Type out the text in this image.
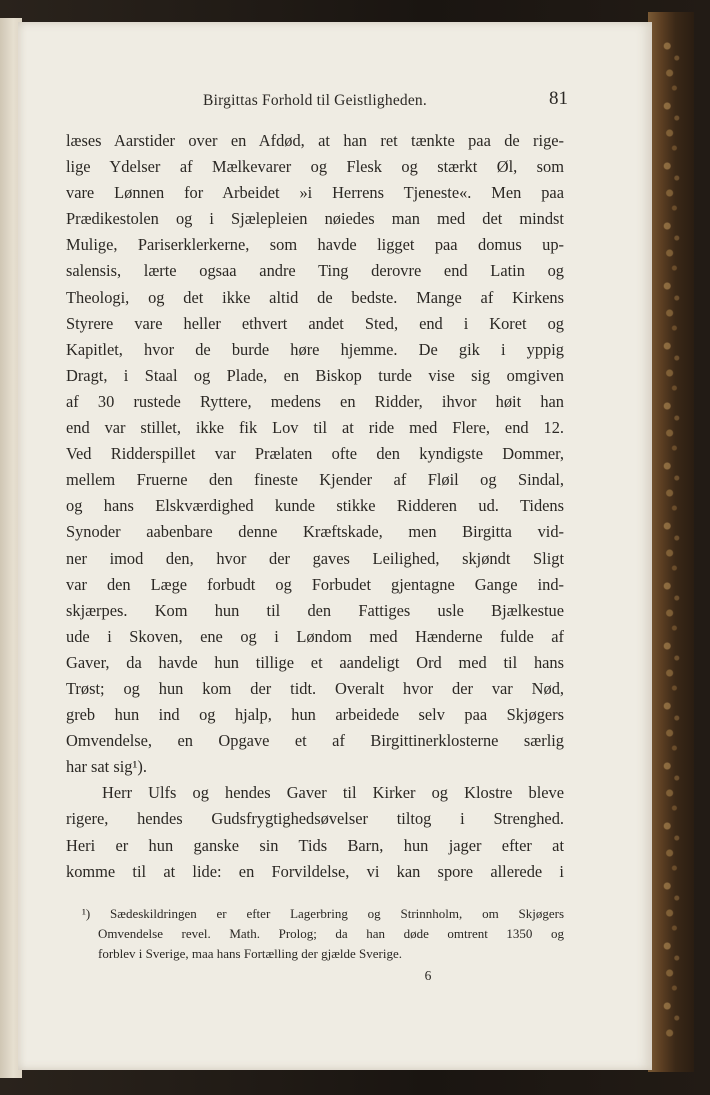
Birgittas Forhold til Geistligheden.	81
læses Aarstider over en Afdød, at han ret tænkte paa de rige-
lige Ydelser af Mælkevarer og Flesk og stærkt Øl, som
vare Lønnen for Arbeidet »i Herrens Tjeneste«. Men paa
Prædikestolen og i Sjælepleien nøiedes man med det mindst
Mulige, Pariserklerkerne, som havde ligget paa domus up-
salensis, lærte ogsaa andre Ting derovre end Latin og
Theologi, og det ikke altid de bedste. Mange af Kirkens
Styrere vare heller ethvert andet Sted, end i Koret og
Kapitlet, hvor de burde høre hjemme. De gik i yppig
Dragt, i Staal og Plade, en Biskop turde vise sig omgiven
af 30 rustede Ryttere, medens en Ridder, ihvor høit han
end var stillet, ikke fik Lov til at ride med Flere, end 12.
Ved Ridderspillet var Prælaten ofte den kyndigste Dommer,
mellem Fruerne den fineste Kjender af Fløil og Sindal,
og hans Elskværdighed kunde stikke Ridderen ud. Tidens
Synoder aabenbare denne Kræftskade, men Birgitta vid-
ner imod den, hvor der gaves Leilighed, skjøndt Sligt
var den Læge forbudt og Forbudet gjentagne Gange ind-
skjærpes. Kom hun til den Fattiges usle Bjælkestue
ude i Skoven, ene og i Løndom med Hænderne fulde af
Gaver, da havde hun tillige et aandeligt Ord med til hans
Trøst; og hun kom der tidt. Overalt hvor der var Nød,
greb hun ind og hjalp, hun arbeidede selv paa Skjøgers
Omvendelse, en Opgave et af Birgittinerklosterne særlig
har sat sig¹).
Herr Ulfs og hendes Gaver til Kirker og Klostre bleve
rigere, hendes Gudsfrygtighedsøvelser tiltog i Strenghed.
Heri er hun ganske sin Tids Barn, hun jager efter at
komme til at lide: en Forvildelse, vi kan spore allerede i
¹) Sædeskildringen er efter Lagerbring og Strinnholm, om Skjøgers
Omvendelse revel. Math. Prolog; da han døde omtrent 1350 og
forblev i Sverige, maa hans Fortælling der gjælde Sverige.
6
